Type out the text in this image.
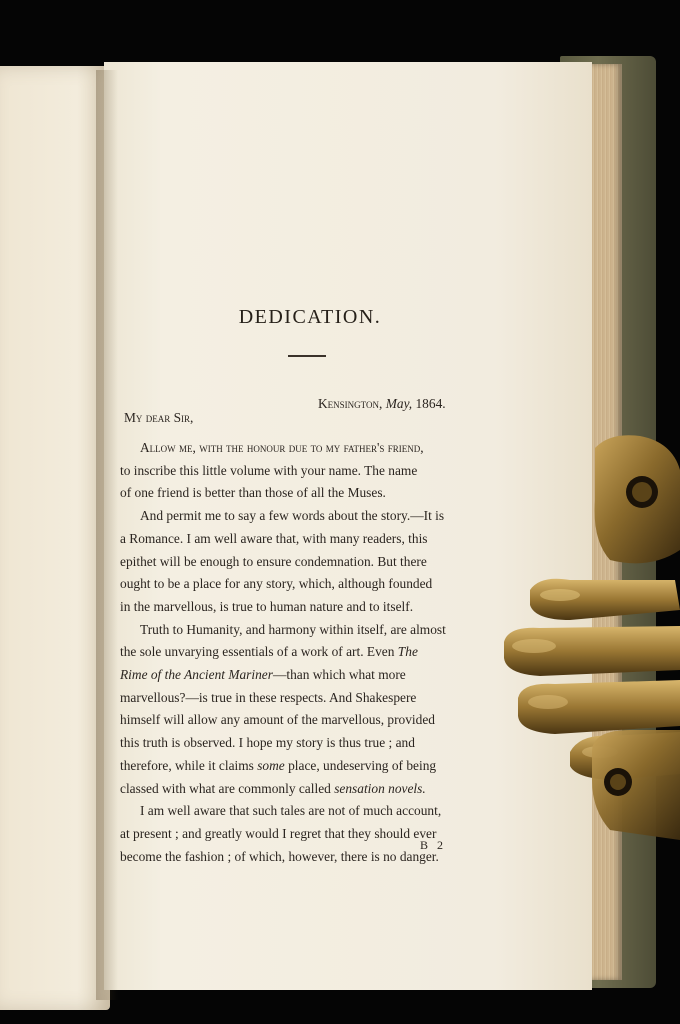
DEDICATION.
Kensington, May, 1864.
My dear Sir,
Allow me, with the honour due to my father's friend,
to inscribe this little volume with your name. The name
of one friend is better than those of all the Muses.
And permit me to say a few words about the story.—It is
a Romance. I am well aware that, with many readers, this
epithet will be enough to ensure condemnation. But there
ought to be a place for any story, which, although founded
in the marvellous, is true to human nature and to itself.
Truth to Humanity, and harmony within itself, are almost
the sole unvarying essentials of a work of art. Even The
Rime of the Ancient Mariner—than which what more
marvellous?—is true in these respects. And Shakespere
himself will allow any amount of the marvellous, provided
this truth is observed. I hope my story is thus true ; and
therefore, while it claims some place, undeserving of being
classed with what are commonly called sensation novels.
I am well aware that such tales are not of much account,
at present ; and greatly would I regret that they should ever
become the fashion ; of which, however, there is no danger.
B 2
